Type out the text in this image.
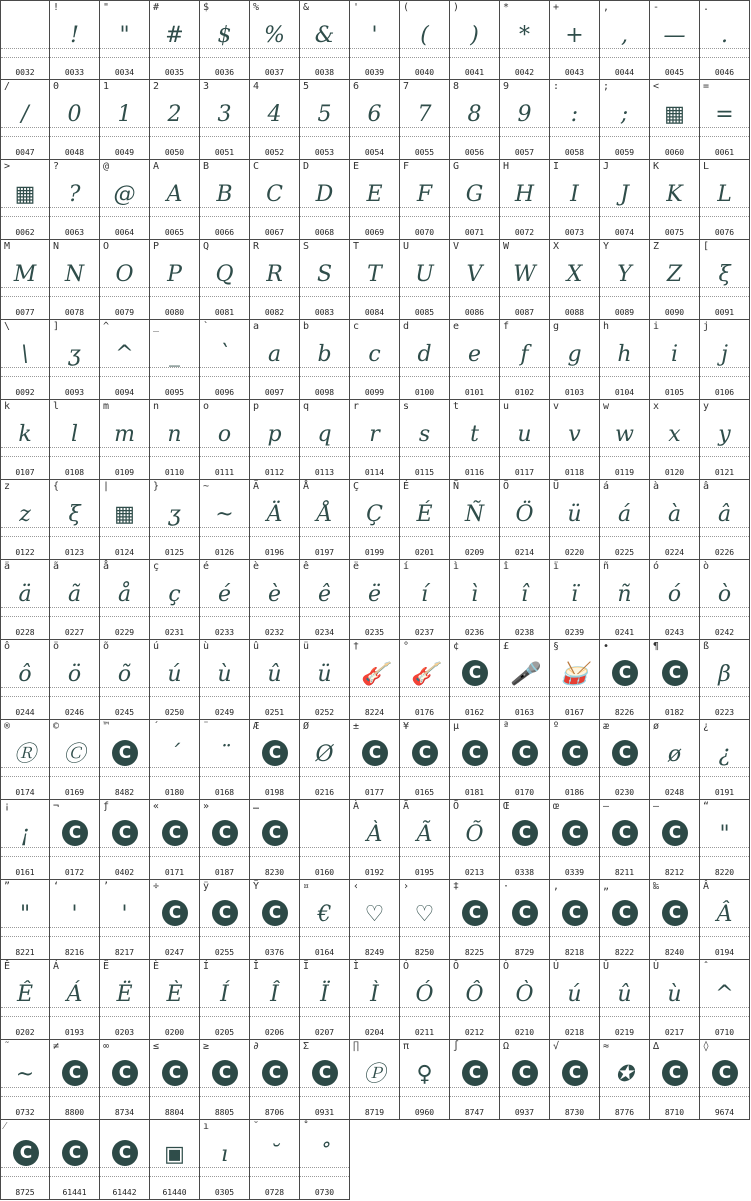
0032
!
!
0033
"
"
0034
#
#
0035
$
$
0036
%
%
0037
&
&
0038
'
'
0039
(
(
0040
)
)
0041
*
*
0042
+
+
0043
,
,
0044
-
—
0045
.
.
0046
/
/
0047
0
0
0048
1
1
0049
2
2
0050
3
3
0051
4
4
0052
5
5
0053
6
6
0054
7
7
0055
8
8
0056
9
9
0057
:
:
0058
;
;
0059
<
▦
0060
=
=
0061
>
▦
0062
?
?
0063
@
@
0064
A
A
0065
B
B
0066
C
C
0067
D
D
0068
E
E
0069
F
F
0070
G
G
0071
H
H
0072
I
I
0073
J
J
0074
K
K
0075
L
L
0076
M
M
0077
N
N
0078
O
O
0079
P
P
0080
Q
Q
0081
R
R
0082
S
S
0083
T
T
0084
U
U
0085
V
V
0086
W
W
0087
X
X
0088
Y
Y
0089
Z
Z
0090
[
ξ
0091
\
\
0092
]
ʒ
0093
^
^
0094
_
_
0095
`
`
0096
a
a
0097
b
b
0098
c
c
0099
d
d
0100
e
e
0101
f
f
0102
g
g
0103
h
h
0104
i
i
0105
j
j
0106
k
k
0107
l
l
0108
m
m
0109
n
n
0110
o
o
0111
p
p
0112
q
q
0113
r
r
0114
s
s
0115
t
t
0116
u
u
0117
v
v
0118
w
w
0119
x
x
0120
y
y
0121
z
z
0122
{
ξ
0123
|
▦
0124
}
ʒ
0125
~
~
0126
Ä
Ä
0196
Å
Å
0197
Ç
Ç
0199
É
É
0201
Ñ
Ñ
0209
Ö
Ö
0214
Ü
ü
0220
á
á
0225
à
à
0224
â
â
0226
ä
ä
0228
ã
ã
0227
å
å
0229
ç
ç
0231
é
é
0233
è
è
0232
ê
ê
0234
ë
ë
0235
í
í
0237
ì
ì
0236
î
î
0238
ï
ï
0239
ñ
ñ
0241
ó
ó
0243
ò
ò
0242
ô
ô
0244
ö
ö
0246
õ
õ
0245
ú
ú
0250
ù
ù
0249
û
û
0251
ü
ü
0252
†
🎸
8224
°
🎸
0176
¢
C
0162
£
🎤
0163
§
🥁
0167
•
C
8226
¶
C
0182
ß
β
0223
®
Ⓡ
0174
©
Ⓒ
0169
™
C
8482
´
´
0180
¨
¨
0168
Æ
C
0198
Ø
Ø
0216
±
C
0177
¥
C
0165
µ
C
0181
ª
C
0170
º
C
0186
æ
C
0230
ø
ø
0248
¿
¿
0191
¡
¡
0161
¬
C
0172
ƒ
C
0402
«
C
0171
»
C
0187
…
C
8230	0160
À
À
0192
Ã
Ã
0195
Õ
Õ
0213
Œ
C
0338
œ
C
0339
–
C
8211
—
C
8212
“
"
8220
”
"
8221
‘
'
8216
’
'
8217
÷
C
0247
ÿ
C
0255
Ÿ
C
0376
¤
€
0164
‹
♡
8249
›
♡
8250
‡
C
8225
·
C
8729
‚
C
8218
„
C
8222
‰
C
8240
Â
Â
0194
Ê
Ê
0202
Á
Á
0193
Ë
Ë
0203
È
È
0200
Í
Í
0205
Î
Î
0206
Ï
Ï
0207
Ì
Ì
0204
Ó
Ó
0211
Ô
Ô
0212
Ò
Ò
0210
Ú
ú
0218
Û
û
0219
Ù
ù
0217
ˆ
^
0710
˜
~
0732
≠
C
8800
∞
C
8734
≤
C
8804
≥
C
8805
∂
C
8706
Σ
C
0931
∏
Ⓟ
8719
π
♀
0960
∫
C
8747
Ω
C
0937
√
C
8730
≈
✪
8776
∆
C
8710
◊
C
9674
⁄
C
8725
C
61441
C
61442
▣
61440
ı
ı
0305
˘
˘
0728
˚
˚
0730
